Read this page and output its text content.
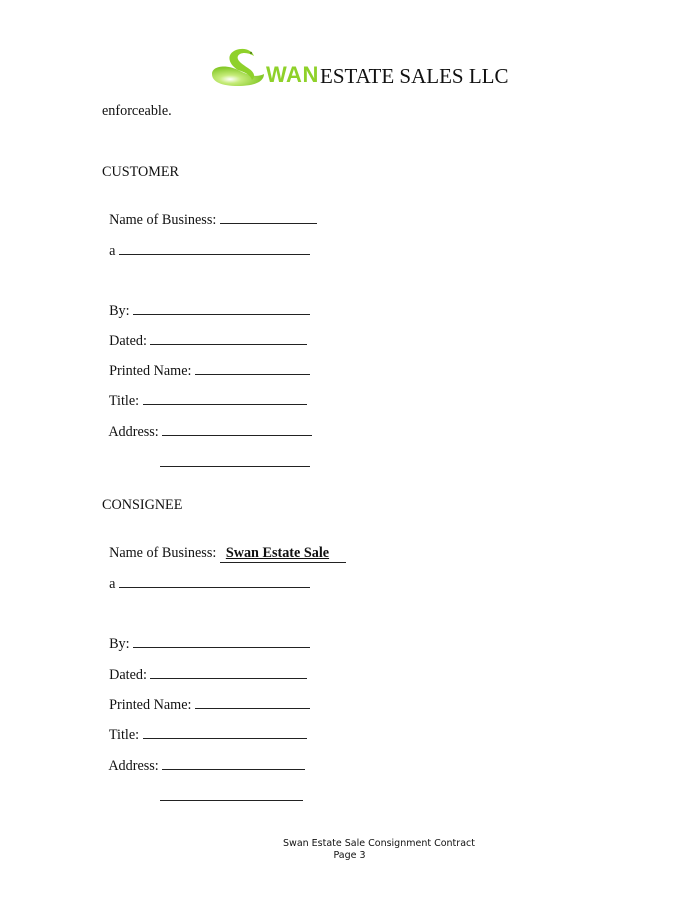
WAN ESTATE SALES LLC
enforceable.
CUSTOMER

Name of Business:

a

By:

Dated:

Printed Name:

Title:

Address:

CONSIGNEE

Name of Business: Swan Estate Sale

a

By:

Dated:

Printed Name:

Title:

Address:

Swan Estate Sale Consignment Contract
Page 3
